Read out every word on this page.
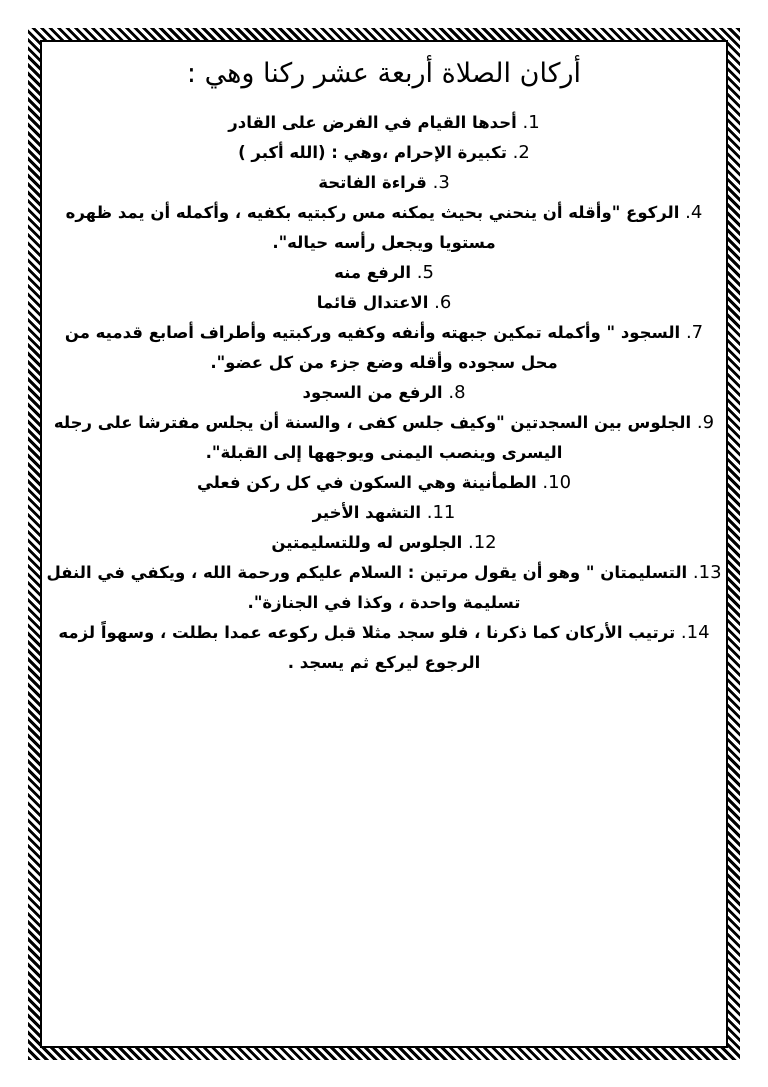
أركان الصلاة أربعة عشر ركنا وهي :

1. أحدها القيام في الفرض على القادر

2. تكبيرة الإحرام ،وهي : (الله أكبر )

3. قراءة الفاتحة

4. الركوع "وأقله أن ينحني بحيث يمكنه مس ركبتيه بكفيه ، وأكمله أن يمد ظهره مستويا ويجعل رأسه حياله".

5. الرفع منه

6. الاعتدال قائما

7. السجود " وأكمله تمكين جبهته وأنفه وكفيه وركبتيه وأطراف أصابع قدميه من محل سجوده وأقله وضع جزء من كل عضو".

8. الرفع من السجود

9. الجلوس بين السجدتين "وكيف جلس كفى ، والسنة أن يجلس مفترشا على رجله اليسرى وينصب اليمنى ويوجهها إلى القبلة".

10. الطمأنينة وهي السكون في كل ركن فعلي

11. التشهد الأخير

12. الجلوس له وللتسليمتين

13. التسليمتان " وهو أن يقول مرتين : السلام عليكم ورحمة الله ، ويكفي في النفل تسليمة واحدة ، وكذا في الجنازة".

14. ترتيب الأركان كما ذكرنا ، فلو سجد مثلا قبل ركوعه عمدا بطلت ، وسهواً لزمه الرجوع ليركع ثم يسجد .
